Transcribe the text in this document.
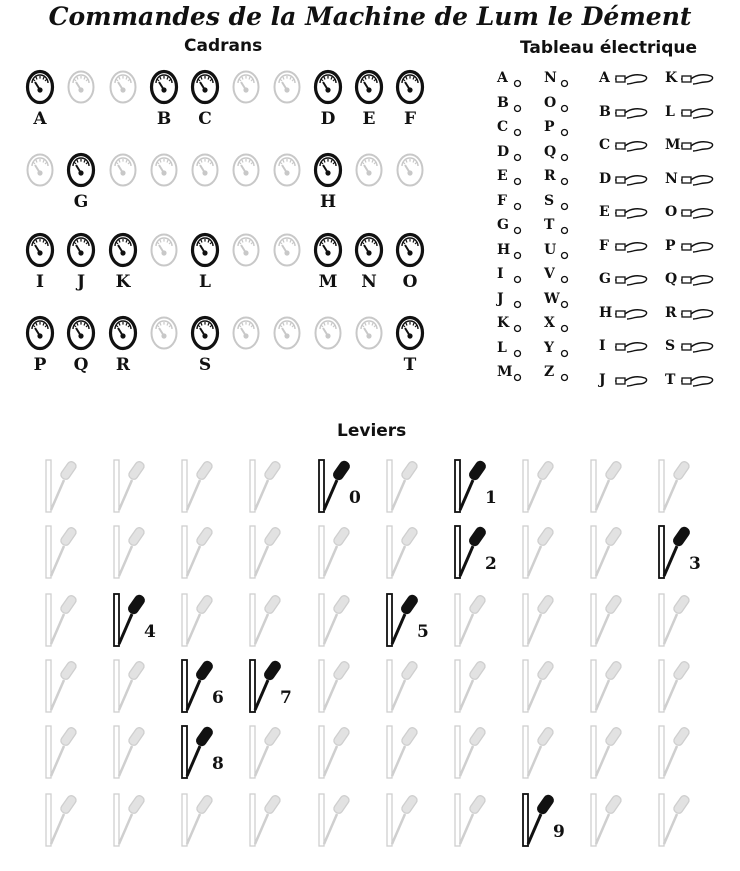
Commandes de la Machine de Lum le Dément
Cadrans	Tableau électrique
Leviers
A	B	C	D	E	F
G	H
I	J	K	L	M	N	O
P	Q	R	S	T
A	N
B	O
C	P
D Q
E	R
F	S
G	T
H U
I	V
J	W
K X
L	Y
M Z
A	K
B	L
C	M
D	N
E	O
F	P
G	Q
H	R
I	S
J	T
0	1
2	3
4	5
6	7
8
9
